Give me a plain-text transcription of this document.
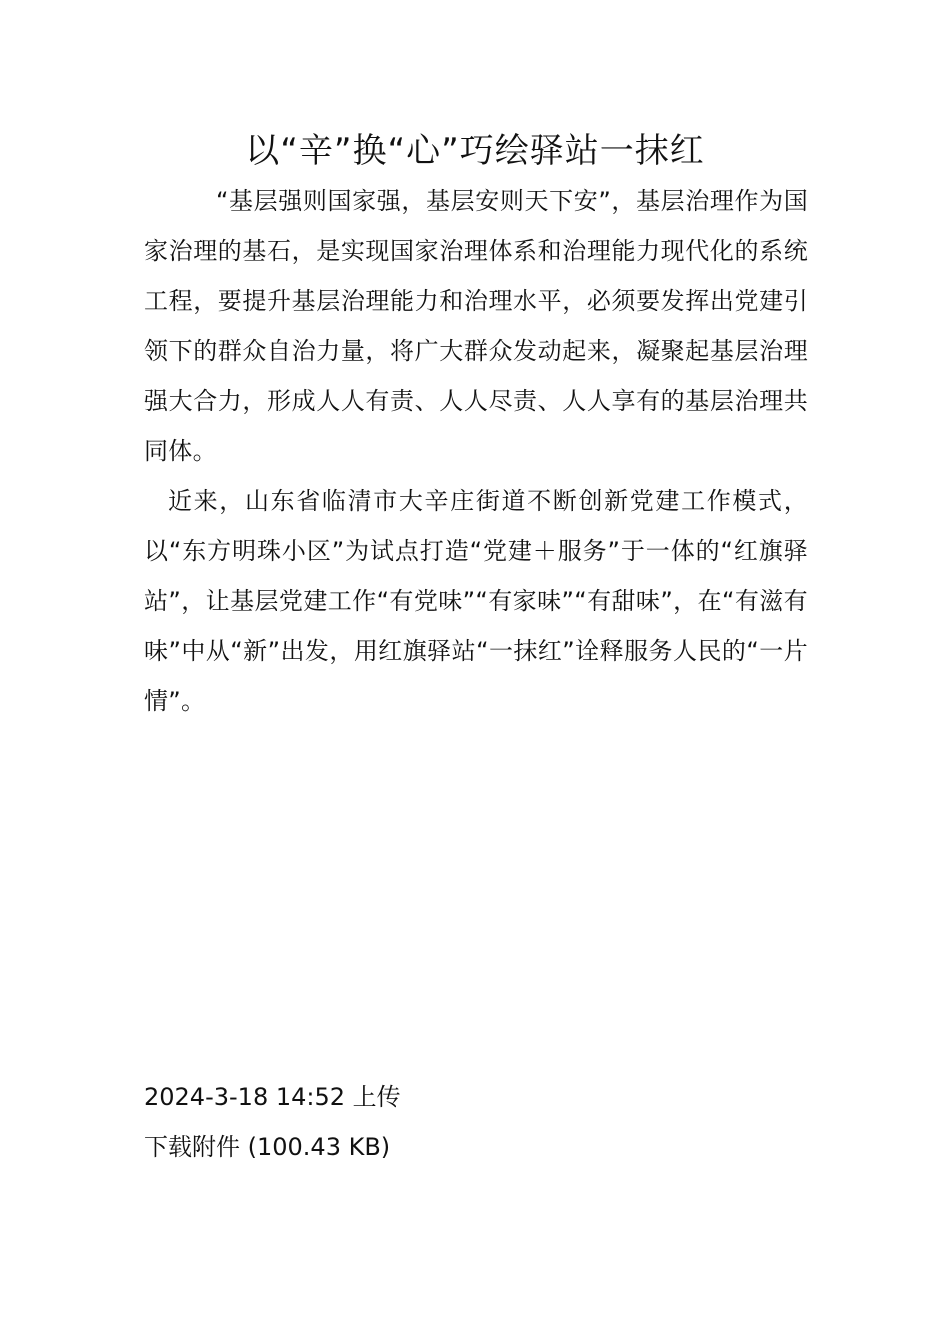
以“辛”换“心”巧绘驿站一抹红

“基层强则国家强，基层安则天下安”，基层治理作为国家治理的基石，是实现国家治理体系和治理能力现代化的系统工程，要提升基层治理能力和治理水平，必须要发挥出党建引领下的群众自治力量，将广大群众发动起来，凝聚起基层治理强大合力，形成人人有责、人人尽责、人人享有的基层治理共同体。

近来，山东省临清市大辛庄街道不断创新党建工作模式，以“东方明珠小区”为试点打造“党建＋服务”于一体的“红旗驿站”，让基层党建工作“有党味”“有家味”“有甜味”，在“有滋有味”中从“新”出发，用红旗驿站“一抹红”诠释服务人民的“一片情”。

2024-3-18 14:52 上传

下载附件 (100.43 KB)
